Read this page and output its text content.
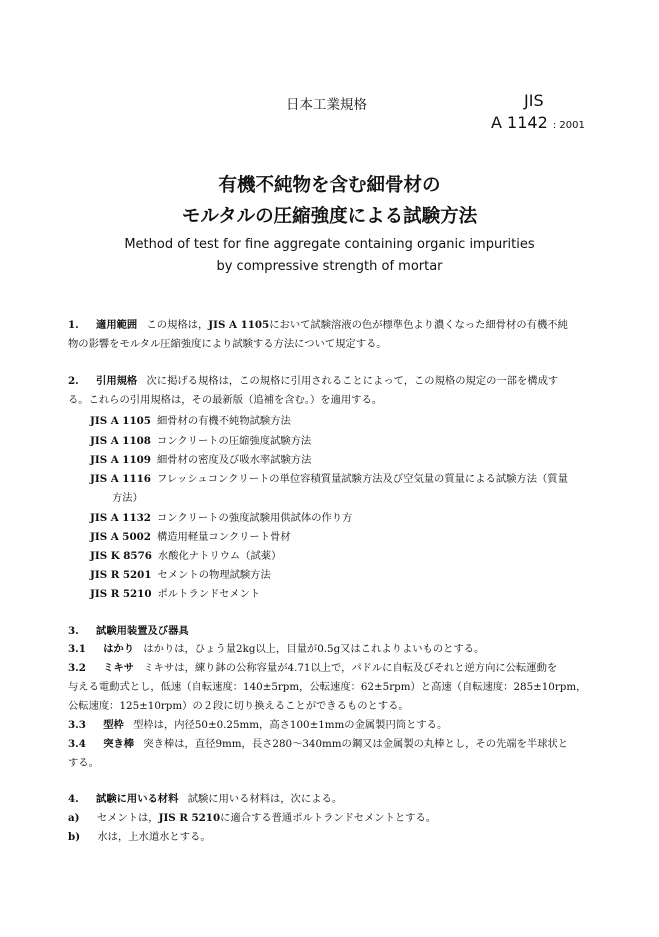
日本工業規格	JIS
A 1142 : 2001
有機不純物を含む細骨材の
モルタルの圧縮強度による試験方法
Method of test for fine aggregate containing organic impurities
by compressive strength of mortar
1. 適用範囲 この規格は，JIS A 1105において試験溶液の色が標準色より濃くなった細骨材の有機不純
物の影響をモルタル圧縮強度により試験する方法について規定する。
2. 引用規格 次に掲げる規格は，この規格に引用されることによって，この規格の規定の一部を構成す
る。これらの引用規格は，その最新版（追補を含む。）を適用する。
JIS A 1105 細骨材の有機不純物試験方法
JIS A 1108 コンクリートの圧縮強度試験方法
JIS A 1109 細骨材の密度及び吸水率試験方法
JIS A 1116 フレッシュコンクリートの単位容積質量試験方法及び空気量の質量による試験方法（質量
方法）
JIS A 1132 コンクリートの強度試験用供試体の作り方
JIS A 5002 構造用軽量コンクリート骨材
JIS K 8576 水酸化ナトリウム（試薬）
JIS R 5201 セメントの物理試験方法
JIS R 5210 ポルトランドセメント
3. 試験用装置及び器具
3.1 はかり はかりは，ひょう量2kg以上，目量が0.5g又はこれよりよいものとする。
3.2 ミキサ ミキサは，練り鉢の公称容量が4.71以上で，パドルに自転及びそれと逆方向に公転運動を
与える電動式とし，低速（自転速度：140±5rpm，公転速度：62±5rpm）と高速（自転速度：285±10rpm，
公転速度：125±10rpm）の２段に切り換えることができるものとする。
3.3 型枠 型枠は，内径50±0.25mm，高さ100±1mmの金属製円筒とする。
3.4 突き棒 突き棒は，直径9mm，長さ280～340mmの鋼又は金属製の丸棒とし，その先端を半球状と
する。
4. 試験に用いる材料 試験に用いる材料は，次による。
a) セメントは，JIS R 5210に適合する普通ポルトランドセメントとする。
b) 水は，上水道水とする。
